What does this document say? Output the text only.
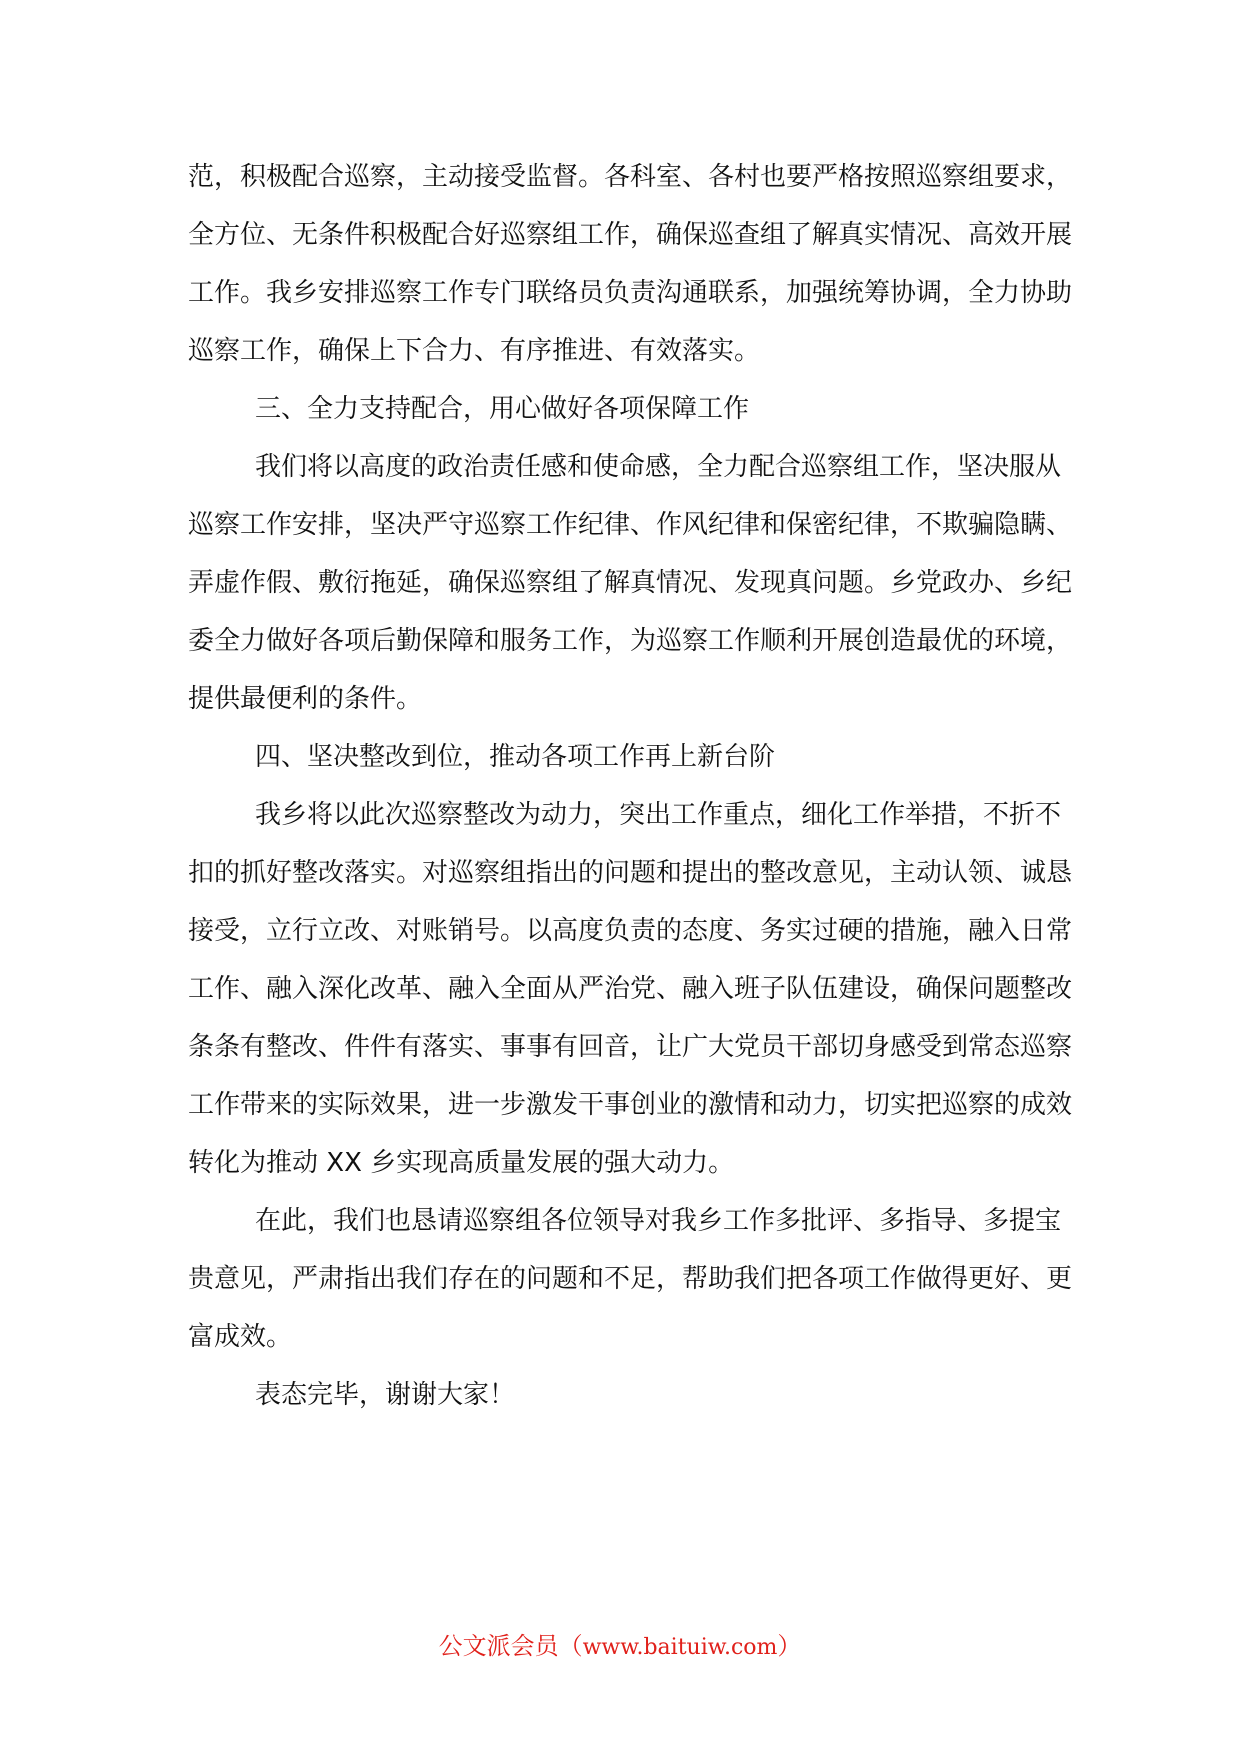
范，积极配合巡察，主动接受监督。各科室、各村也要严格按照巡察组要求，
全方位、无条件积极配合好巡察组工作，确保巡查组了解真实情况、高效开展
工作。我乡安排巡察工作专门联络员负责沟通联系，加强统筹协调，全力协助
巡察工作，确保上下合力、有序推进、有效落实。
三、全力支持配合，用心做好各项保障工作
我们将以高度的政治责任感和使命感，全力配合巡察组工作，坚决服从
巡察工作安排，坚决严守巡察工作纪律、作风纪律和保密纪律，不欺骗隐瞒、
弄虚作假、敷衍拖延，确保巡察组了解真情况、发现真问题。乡党政办、乡纪
委全力做好各项后勤保障和服务工作，为巡察工作顺利开展创造最优的环境，
提供最便利的条件。
四、坚决整改到位，推动各项工作再上新台阶
我乡将以此次巡察整改为动力，突出工作重点，细化工作举措，不折不
扣的抓好整改落实。对巡察组指出的问题和提出的整改意见，主动认领、诚恳
接受，立行立改、对账销号。以高度负责的态度、务实过硬的措施，融入日常
工作、融入深化改革、融入全面从严治党、融入班子队伍建设，确保问题整改
条条有整改、件件有落实、事事有回音，让广大党员干部切身感受到常态巡察
工作带来的实际效果，进一步激发干事创业的激情和动力，切实把巡察的成效
转化为推动 XX 乡实现高质量发展的强大动力。
在此，我们也恳请巡察组各位领导对我乡工作多批评、多指导、多提宝
贵意见，严肃指出我们存在的问题和不足，帮助我们把各项工作做得更好、更
富成效。
表态完毕，谢谢大家！
公文派会员（www.baituiw.com）
